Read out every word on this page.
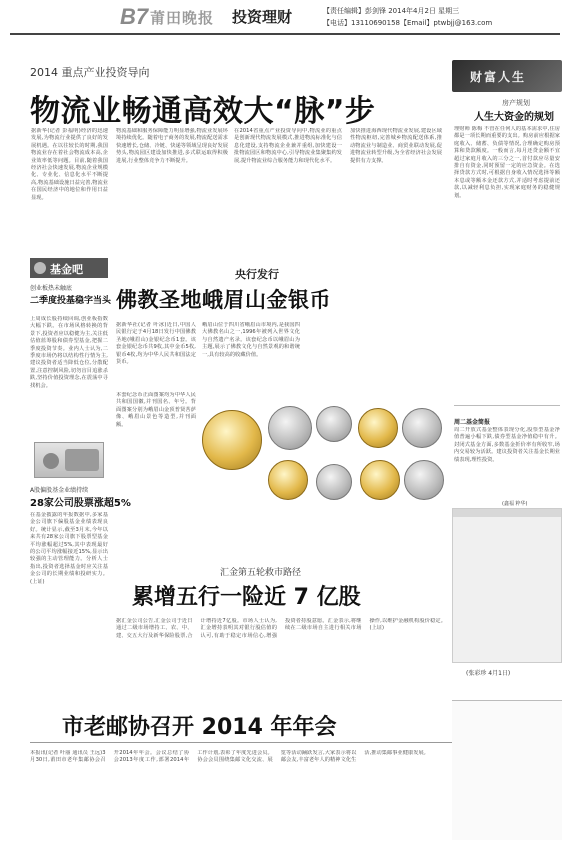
B7 莆田晚报 投资理财	【责任编辑】彭剑锋 2014年4月2日 星期三
【电话】13110690158【Email】ptwbjj@163.com
2014 重点产业投资导向
物流业畅通高效大“脉”步
据新华(记者 彭福明)经济的迅速发展,为物流行业提供了良好的发展机遇。在以往较长的时期,我国物流业存在着社会物流成本高,企业效率低等问题。目前,随着我国经济社会快速发展,物流企业规模化、专业化、信息化水平不断提高,物流基础设施日益完善,物流业在国民经济中的地位和作用日益显现。
物流基础和服务保障能力明显增强,物流业发展环境持续优化。随着电子商务的发展,物流配送需求快速增长,仓储、冷链、快递等领域呈现良好发展势头,物流园区建设加快推进,多式联运取得积极进展,行业整体竞争力不断提升。
在2014省重点产业投资导向中,物流业的重点是创新现代物流发展模式,推进物流标准化与信息化建设,支持物流企业兼并重组,加快建设一批物流园区和物流中心,引导物流业集聚集约发展,提升物流业综合服务能力和现代化水平。
加快推进海西现代物流业发展,建设区域性物流枢纽,完善城乡物流配送体系,推动物流业与制造业、商贸业联动发展,促进物流业转型升级,为全省经济社会发展提供有力支撑。
基金吧
创业板热未触底
二季度投基稳字当头
上周成长股持续回调,创业板指数大幅下跌。在市场风格转换的背景下,投资者应以稳健为主,关注低估值蓝筹股和债券型基金,把握二季度投资节奏。业内人士认为,二季度市场仍将以结构性行情为主,建议投资者适当降低仓位,分散配置,注意控制风险,切勿盲目追涨杀跌,坚持价值投资理念,在震荡中寻找机会。
A股偏股基金业绩持续
28家公司股票涨超5%
在基金披露的年报数据中,多家基金公司旗下偏股基金业绩表现良好。统计显示,截至3月末,今年以来共有28家公司旗下股票型基金平均涨幅超过5%,其中表现最好的公司平均涨幅接近15%,显示出较强的主动管理能力。分析人士指出,投资者选择基金时应关注基金公司的长期业绩和投研实力。(上证)
财富人生
房产规划
人生大资金的规划
理财师 陈梅 不管在任何人的基本需求中,住房都是一项长期而重要的支出。购房前应根据家庭收入、储蓄、负债等情况,合理确定购房预算和贷款额度。一般而言,每月还贷金额不宜超过家庭月收入的三分之一,首付款应尽量安排自有资金,同时预留一定的应急资金。在选择贷款方式时,可根据自身收入情况选择等额本息或等额本金还款方式,并适时考虑提前还款,以减轻利息负担,实现家庭财务的稳健规划。
周二基金简报
周二开放式基金整体表现分化,股票型基金净值普遍小幅下跌,债券型基金净值稳中有升。封闭式基金方面,多数基金折价率有所收窄,场内交易较为活跃。建议投资者关注基金长期业绩表现,理性投资。
(鑫福 粹华)
(张彩珍 4月1日)
央行发行
佛教圣地峨眉山金银币
据新华社(记者 叶冰)近日,中国人民银行定于4月18日发行中国佛教圣地(峨眉山)金银纪念币1套。该套金银纪念币共9枚,其中金币5枚,银币4枚,均为中华人民共和国法定货币。
本套纪念币正面图案均为中华人民共和国国徽,并刊国名、年号。背面图案分别为峨眉山金顶普贤菩萨像、峨眉山景色等造型,并刊面额。
峨眉山位于四川省峨眉山市境内,是我国四大佛教名山之一,1996年被列入世界文化与自然遗产名录。该套纪念币以峨眉山为主题,展示了佛教文化与自然景观的和谐统一,具有较高的收藏价值。
汇金第五轮救市路径
累增五行一险近 7 亿股
据汇金公司公告,汇金公司于近日通过二级市场增持工、农、中、建、交五大行及新华保险股票,合计增持近7亿股。市场人士认为,汇金增持表明其对银行股估值的认可,有助于稳定市场信心,增强投资者持股意愿。汇金表示,将继续在二级市场自主进行相关市场操作,以维护金融机构股价稳定。(上证)
市老邮协召开 2014 年年会
本报讯(记者 叶丽 通讯员 王远)3月30日,莆田市老年集邮协会召开2014年年会。会议总结了协会2013年度工作,部署2014年工作计划,表彰了年度先进会员。协会会员围绕集邮文化交流、展览等活动踊跃发言,大家表示将以邮会友,丰富老年人的精神文化生活,推动集邮事业健康发展。
